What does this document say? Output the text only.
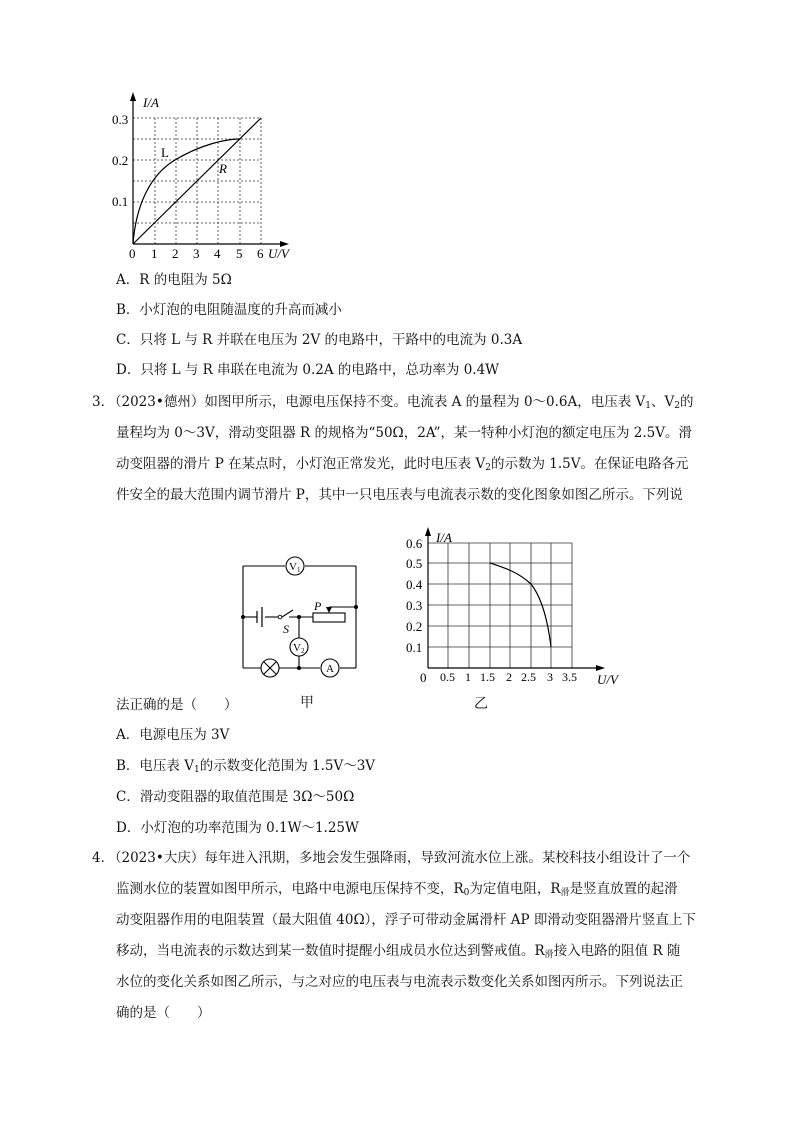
I/A
U/V
0.3
0.2
0.1
0 1 2 3 4 5 6
L
R
A．R 的电阻为 5Ω
B．小灯泡的电阻随温度的升高而减小
C．只将 L 与 R 并联在电压为 2V 的电路中，干路中的电流为 0.3A
D．只将 L 与 R 串联在电流为 0.2A 的电路中，总功率为 0.4W
3．
（2023•德州）如图甲所示，电源电压保持不变。电流表 A 的量程为 0～0.6A，电压表 $V_1$、$V_2$的
量程均为 0～3V，滑动变阻器 R 的规格为“50Ω，2A”，某一特种小灯泡的额定电压为 2.5V。滑
动变阻器的滑片 P 在某点时，小灯泡正常发光，此时电压表 $V_2$的示数为 1.5V。在保证电路各元
件安全的最大范围内调节滑片 P，其中一只电压表与电流表示数的变化图象如图乙所示。下列说
V 1
V 2
A
S
P
I/A
U/V
0.6
0.5
0.4
0.3
0.2
0.1
0 0.5 1 1.5 2 2.5 3 3.5
法正确的是（　　）	甲	乙
A．电源电压为 3V
B．电压表 $V_1$的示数变化范围为 1.5V～3V
C．滑动变阻器的取值范围是 3Ω～50Ω
D．小灯泡的功率范围为 0.1W～1.25W
4．
（2023•大庆）每年进入汛期，多地会发生强降雨，导致河流水位上涨。某校科技小组设计了一个
监测水位的装置如图甲所示，电路中电源电压保持不变，$R_0$为定值电阻，$R_滑$是竖直放置的起滑
动变阻器作用的电阻装置（最大阻值 40Ω），浮子可带动金属滑杆 AP 即滑动变阻器滑片竖直上下
移动，当电流表的示数达到某一数值时提醒小组成员水位达到警戒值。$R_滑$接入电路的阻值 R 随
水位的变化关系如图乙所示，与之对应的电压表与电流表示数变化关系如图丙所示。下列说法正
确的是（　　）
